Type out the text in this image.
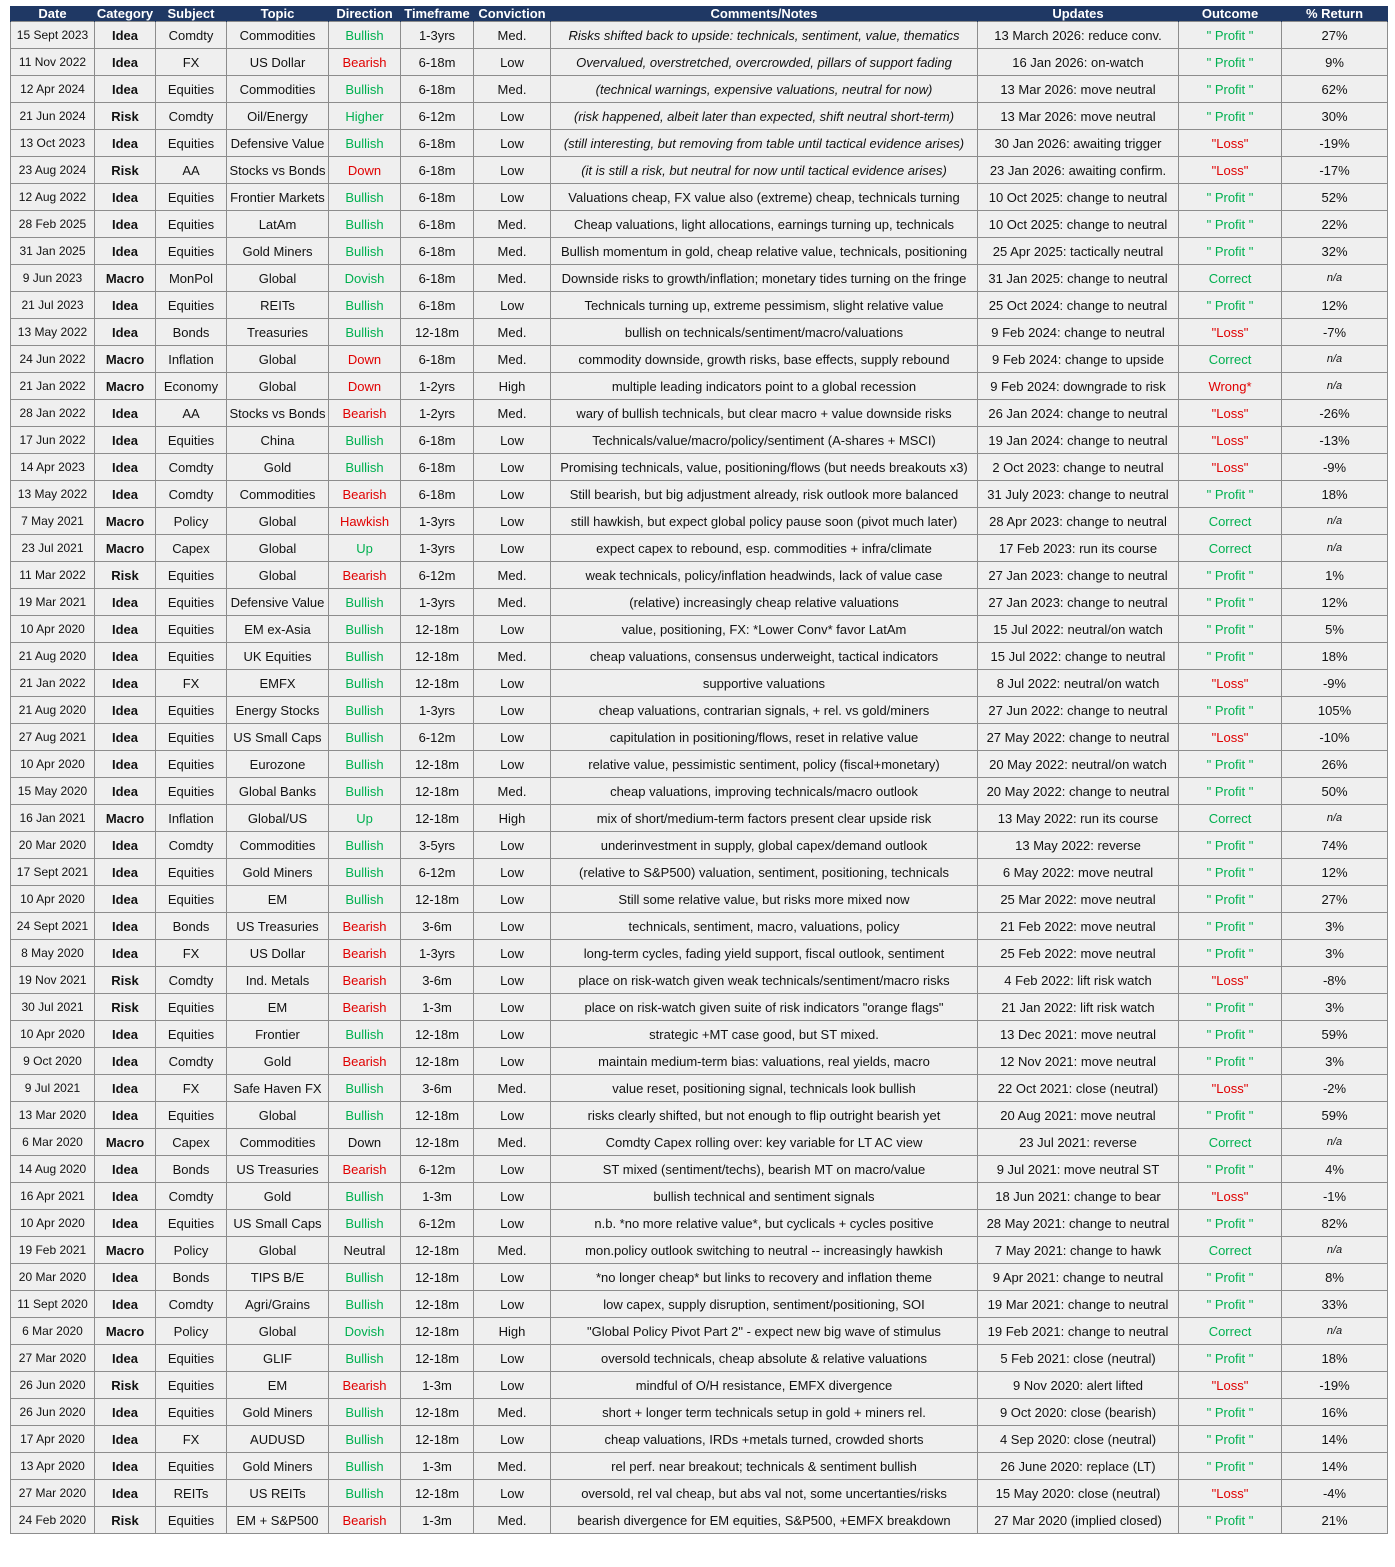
Date	Category	Subject	Topic	Direction	Timeframe	Conviction	Comments/Notes	Updates	Outcome	% Return
15 Sept 2023	Idea	Comdty	Commodities	Bullish	1-3yrs	Med.	Risks shifted back to upside: technicals, sentiment, value, thematics	13 March 2026: reduce conv.	" Profit "	27%
11 Nov 2022	Idea	FX	US Dollar	Bearish	6-18m	Low	Overvalued, overstretched, overcrowded, pillars of support fading	16 Jan 2026: on-watch	" Profit "	9%
12 Apr 2024	Idea	Equities	Commodities	Bullish	6-18m	Med.	(technical warnings, expensive valuations, neutral for now)	13 Mar 2026: move neutral	" Profit "	62%
21 Jun 2024	Risk	Comdty	Oil/Energy	Higher	6-12m	Low	(risk happened, albeit later than expected, shift neutral short-term)	13 Mar 2026: move neutral	" Profit "	30%
13 Oct 2023	Idea	Equities	Defensive Value	Bullish	6-18m	Low	(still interesting, but removing from table until tactical evidence arises)	30 Jan 2026: awaiting trigger	"Loss"	-19%
23 Aug 2024	Risk	AA	Stocks vs Bonds	Down	6-18m	Low	(it is still a risk, but neutral for now until tactical evidence arises)	23 Jan 2026: awaiting confirm.	"Loss"	-17%
12 Aug 2022	Idea	Equities	Frontier Markets	Bullish	6-18m	Low	Valuations cheap, FX value also (extreme) cheap, technicals turning	10 Oct 2025: change to neutral	" Profit "	52%
28 Feb 2025	Idea	Equities	LatAm	Bullish	6-18m	Med.	Cheap valuations, light allocations, earnings turning up, technicals	10 Oct 2025: change to neutral	" Profit "	22%
31 Jan 2025	Idea	Equities	Gold Miners	Bullish	6-18m	Med.	Bullish momentum in gold, cheap relative value, technicals, positioning	25 Apr 2025: tactically neutral	" Profit "	32%
9 Jun 2023	Macro	MonPol	Global	Dovish	6-18m	Med.	Downside risks to growth/inflation; monetary tides turning on the fringe	31 Jan 2025: change to neutral	Correct	n/a
21 Jul 2023	Idea	Equities	REITs	Bullish	6-18m	Low	Technicals turning up, extreme pessimism, slight relative value	25 Oct 2024: change to neutral	" Profit "	12%
13 May 2022	Idea	Bonds	Treasuries	Bullish	12-18m	Med.	bullish on technicals/sentiment/macro/valuations	9 Feb 2024: change to neutral	"Loss"	-7%
24 Jun 2022	Macro	Inflation	Global	Down	6-18m	Med.	commodity downside, growth risks, base effects, supply rebound	9 Feb 2024: change to upside	Correct	n/a
21 Jan 2022	Macro	Economy	Global	Down	1-2yrs	High	multiple leading indicators point to a global recession	9 Feb 2024: downgrade to risk	Wrong*	n/a
28 Jan 2022	Idea	AA	Stocks vs Bonds	Bearish	1-2yrs	Med.	wary of bullish technicals, but clear macro + value downside risks	26 Jan 2024: change to neutral	"Loss"	-26%
17 Jun 2022	Idea	Equities	China	Bullish	6-18m	Low	Technicals/value/macro/policy/sentiment (A-shares + MSCI)	19 Jan 2024: change to neutral	"Loss"	-13%
14 Apr 2023	Idea	Comdty	Gold	Bullish	6-18m	Low	Promising technicals, value, positioning/flows (but needs breakouts x3)	2 Oct 2023: change to neutral	"Loss"	-9%
13 May 2022	Idea	Comdty	Commodities	Bearish	6-18m	Low	Still bearish, but big adjustment already, risk outlook more balanced	31 July 2023: change to neutral	" Profit "	18%
7 May 2021	Macro	Policy	Global	Hawkish	1-3yrs	Low	still hawkish, but expect global policy pause soon (pivot much later)	28 Apr 2023: change to neutral	Correct	n/a
23 Jul 2021	Macro	Capex	Global	Up	1-3yrs	Low	expect capex to rebound, esp. commodities + infra/climate	17 Feb 2023: run its course	Correct	n/a
11 Mar 2022	Risk	Equities	Global	Bearish	6-12m	Med.	weak technicals, policy/inflation headwinds, lack of value case	27 Jan 2023: change to neutral	" Profit "	1%
19 Mar 2021	Idea	Equities	Defensive Value	Bullish	1-3yrs	Med.	(relative) increasingly cheap relative valuations	27 Jan 2023: change to neutral	" Profit "	12%
10 Apr 2020	Idea	Equities	EM ex-Asia	Bullish	12-18m	Low	value, positioning, FX: *Lower Conv* favor LatAm	15 Jul 2022: neutral/on watch	" Profit "	5%
21 Aug 2020	Idea	Equities	UK Equities	Bullish	12-18m	Med.	cheap valuations, consensus underweight, tactical indicators	15 Jul 2022: change to neutral	" Profit "	18%
21 Jan 2022	Idea	FX	EMFX	Bullish	12-18m	Low	supportive valuations	8 Jul 2022: neutral/on watch	"Loss"	-9%
21 Aug 2020	Idea	Equities	Energy Stocks	Bullish	1-3yrs	Low	cheap valuations, contrarian signals, + rel. vs gold/miners	27 Jun 2022: change to neutral	" Profit "	105%
27 Aug 2021	Idea	Equities	US Small Caps	Bullish	6-12m	Low	capitulation in positioning/flows, reset in relative value	27 May 2022: change to neutral	"Loss"	-10%
10 Apr 2020	Idea	Equities	Eurozone	Bullish	12-18m	Low	relative value, pessimistic sentiment, policy (fiscal+monetary)	20 May 2022: neutral/on watch	" Profit "	26%
15 May 2020	Idea	Equities	Global Banks	Bullish	12-18m	Med.	cheap valuations, improving technicals/macro outlook	20 May 2022: change to neutral	" Profit "	50%
16 Jan 2021	Macro	Inflation	Global/US	Up	12-18m	High	mix of short/medium-term factors present clear upside risk	13 May 2022: run its course	Correct	n/a
20 Mar 2020	Idea	Comdty	Commodities	Bullish	3-5yrs	Low	underinvestment in supply, global capex/demand outlook	13 May 2022: reverse	" Profit "	74%
17 Sept 2021	Idea	Equities	Gold Miners	Bullish	6-12m	Low	(relative to S&P500) valuation, sentiment, positioning, technicals	6 May 2022: move neutral	" Profit "	12%
10 Apr 2020	Idea	Equities	EM	Bullish	12-18m	Low	Still some relative value, but risks more mixed now	25 Mar 2022: move neutral	" Profit "	27%
24 Sept 2021	Idea	Bonds	US Treasuries	Bearish	3-6m	Low	technicals, sentiment, macro, valuations, policy	21 Feb 2022: move neutral	" Profit "	3%
8 May 2020	Idea	FX	US Dollar	Bearish	1-3yrs	Low	long-term cycles, fading yield support, fiscal outlook, sentiment	25 Feb 2022: move neutral	" Profit "	3%
19 Nov 2021	Risk	Comdty	Ind. Metals	Bearish	3-6m	Low	place on risk-watch given weak technicals/sentiment/macro risks	4 Feb 2022: lift risk watch	"Loss"	-8%
30 Jul 2021	Risk	Equities	EM	Bearish	1-3m	Low	place on risk-watch given suite of risk indicators "orange flags"	21 Jan 2022: lift risk watch	" Profit "	3%
10 Apr 2020	Idea	Equities	Frontier	Bullish	12-18m	Low	strategic +MT case good, but ST mixed.	13 Dec 2021: move neutral	" Profit "	59%
9 Oct 2020	Idea	Comdty	Gold	Bearish	12-18m	Low	maintain medium-term bias: valuations, real yields, macro	12 Nov 2021: move neutral	" Profit "	3%
9 Jul 2021	Idea	FX	Safe Haven FX	Bullish	3-6m	Med.	value reset, positioning signal, technicals look bullish	22 Oct 2021: close (neutral)	"Loss"	-2%
13 Mar 2020	Idea	Equities	Global	Bullish	12-18m	Low	risks clearly shifted, but not enough to flip outright bearish yet	20 Aug 2021: move neutral	" Profit "	59%
6 Mar 2020	Macro	Capex	Commodities	Down	12-18m	Med.	Comdty Capex rolling over: key variable for LT AC view	23 Jul 2021: reverse	Correct	n/a
14 Aug 2020	Idea	Bonds	US Treasuries	Bearish	6-12m	Low	ST mixed (sentiment/techs), bearish MT on macro/value	9 Jul 2021: move neutral ST	" Profit "	4%
16 Apr 2021	Idea	Comdty	Gold	Bullish	1-3m	Low	bullish technical and sentiment signals	18 Jun 2021: change to bear	"Loss"	-1%
10 Apr 2020	Idea	Equities	US Small Caps	Bullish	6-12m	Low	n.b. *no more relative value*, but cyclicals + cycles positive	28 May 2021: change to neutral	" Profit "	82%
19 Feb 2021	Macro	Policy	Global	Neutral	12-18m	Med.	mon.policy outlook switching to neutral -- increasingly hawkish	7 May 2021: change to hawk	Correct	n/a
20 Mar 2020	Idea	Bonds	TIPS B/E	Bullish	12-18m	Low	*no longer cheap* but links to recovery and inflation theme	9 Apr 2021: change to neutral	" Profit "	8%
11 Sept 2020	Idea	Comdty	Agri/Grains	Bullish	12-18m	Low	low capex, supply disruption, sentiment/positioning, SOI	19 Mar 2021: change to neutral	" Profit "	33%
6 Mar 2020	Macro	Policy	Global	Dovish	12-18m	High	"Global Policy Pivot Part 2" - expect new big wave of stimulus	19 Feb 2021: change to neutral	Correct	n/a
27 Mar 2020	Idea	Equities	GLIF	Bullish	12-18m	Low	oversold technicals, cheap absolute & relative valuations	5 Feb 2021: close (neutral)	" Profit "	18%
26 Jun 2020	Risk	Equities	EM	Bearish	1-3m	Low	mindful of O/H resistance, EMFX divergence	9 Nov 2020: alert lifted	"Loss"	-19%
26 Jun 2020	Idea	Equities	Gold Miners	Bullish	12-18m	Med.	short + longer term technicals setup in gold + miners rel.	9 Oct 2020: close (bearish)	" Profit "	16%
17 Apr 2020	Idea	FX	AUDUSD	Bullish	12-18m	Low	cheap valuations, IRDs +metals turned, crowded shorts	4 Sep 2020: close (neutral)	" Profit "	14%
13 Apr 2020	Idea	Equities	Gold Miners	Bullish	1-3m	Med.	rel perf. near breakout; technicals & sentiment bullish	26 June 2020: replace (LT)	" Profit "	14%
27 Mar 2020	Idea	REITs	US REITs	Bullish	12-18m	Low	oversold, rel val cheap, but abs val not, some uncertanties/risks	15 May 2020: close (neutral)	"Loss"	-4%
24 Feb 2020	Risk	Equities	EM + S&P500	Bearish	1-3m	Med.	bearish divergence for EM equities, S&P500, +EMFX breakdown	27 Mar 2020 (implied closed)	" Profit "	21%
